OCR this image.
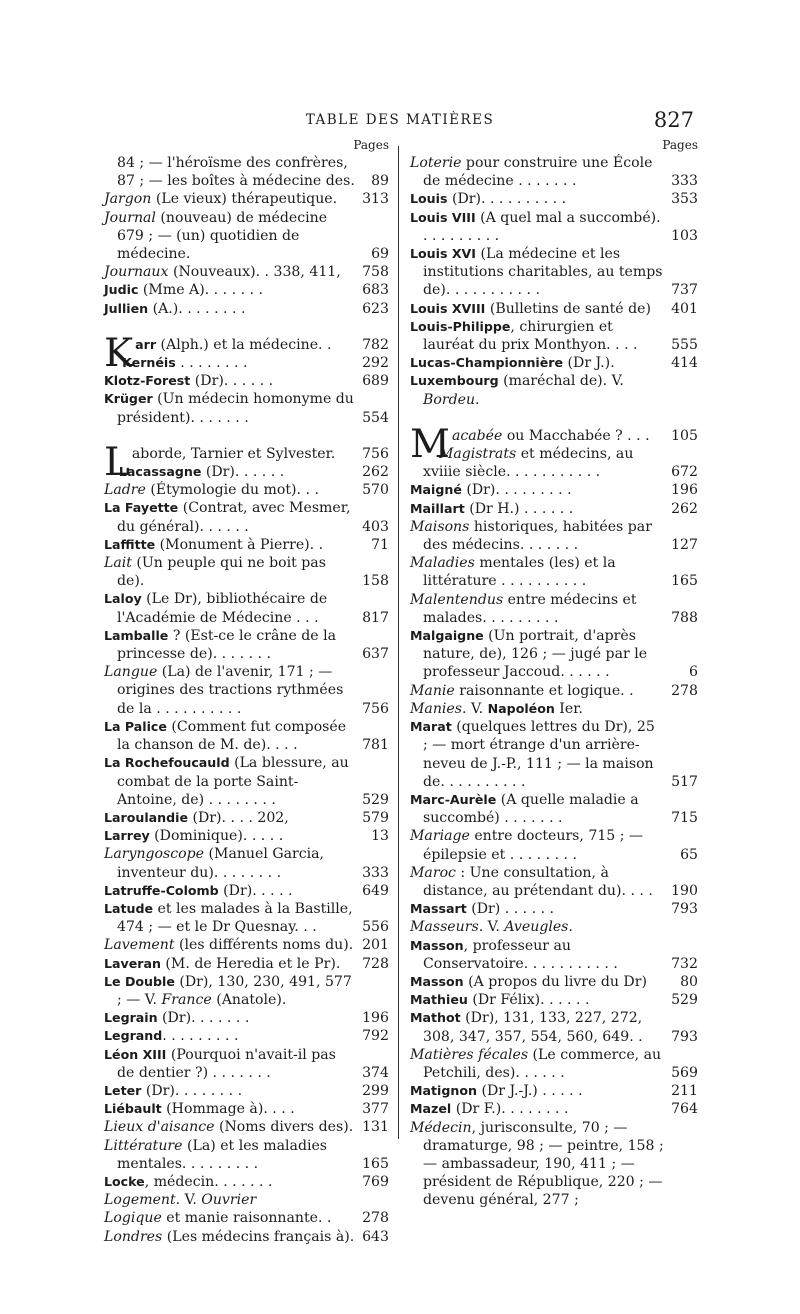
TABLE DES MATIÈRES	827
Pages
84 ; — l'héroïsme des confrères,
87 ; — les boîtes à médecine des.	89
Jargon (Le vieux) thérapeutique.	313
Journal (nouveau) de médecine 679 ; — (un) quotidien de médecine.	69
Journaux (Nouveaux). . 338, 411,	758
Judic (Mme A). . . . . . .	683
Jullien (A.). . . . . . . .	623
Karr (Alph.) et la médecine. .	782
Kernéis . . . . . . . .	292
Klotz-Forest (Dr). . . . . .	689
Krüger (Un médecin homonyme du président). . . . . . .	554
Laborde, Tarnier et Sylvester.	756
Lacassagne (Dr). . . . . .	262
Ladre (Étymologie du mot). . .	570
La Fayette (Contrat, avec Mesmer, du général). . . . . .	403
Laffitte (Monument à Pierre). .	71
Lait (Un peuple qui ne boit pas de).	158
Laloy (Le Dr), bibliothécaire de l'Académie de Médecine . . .	817
Lamballe ? (Est-ce le crâne de la princesse de). . . . . . .	637
Langue (La) de l'avenir, 171 ; — origines des tractions rythmées de la . . . . . . . . . .	756
La Palice (Comment fut composée la chanson de M. de). . . .	781
La Rochefoucauld (La blessure, au combat de la porte Saint-Antoine, de) . . . . . . . .	529
Laroulandie (Dr). . . . 202,	579
Larrey (Dominique). . . . .	13
Laryngoscope (Manuel Garcia, inventeur du). . . . . . . .	333
Latruffe-Colomb (Dr). . . . .	649
Latude et les malades à la Bastille, 474 ; — et le Dr Quesnay. . .	556
Lavement (les différents noms du). 201
Laveran (M. de Heredia et le Pr).	728
Le Double (Dr), 130, 230, 491, 577 ; — V. France (Anatole).
Legrain (Dr). . . . . . .	196
Legrand. . . . . . . . .	792
Léon XIII (Pourquoi n'avait-il pas de dentier ?) . . . . . . .	374
Leter (Dr). . . . . . . .	299
Liébault (Hommage à). . . .	377
Lieux d'aisance (Noms divers des). 131
Littérature (La) et les maladies mentales. . . . . . . . .	165
Locke, médecin. . . . . . .	769
Logement. V. Ouvrier
Logique et manie raisonnante. .	278
Londres (Les médecins français à). 643
Pages
Loterie pour construire une École de médecine . . . . . . .	333
Louis (Dr). . . . . . . . . .	353
Louis VIII (A quel mal a succombé). . . . . . . . . .	103
Louis XVI (La médecine et les institutions charitables, au temps de). . . . . . . . . . .	737
Louis XVIII (Bulletins de santé de)	401
Louis-Philippe, chirurgien et lauréat du prix Monthyon. . . .	555
Lucas-Championnière (Dr J.).	414
Luxembourg (maréchal de). V. Bordeu.
Macabée ou Macchabée ? . . .	105
Magistrats et médecins, au xviiie siècle. . . . . . . . . . .	672
Maigné (Dr). . . . . . . . .	196
Maillart (Dr H.) . . . . . .	262
Maisons historiques, habitées par des médecins. . . . . . .	127
Maladies mentales (les) et la littérature . . . . . . . . . .	165
Malentendus entre médecins et malades. . . . . . . . .	788
Malgaigne (Un portrait, d'après nature, de), 126 ; — jugé par le professeur Jaccoud. . . . . .	6
Manie raisonnante et logique. .	278
Manies. V. Napoléon Ier.
Marat (quelques lettres du Dr), 25 ; — mort étrange d'un arrière-neveu de J.-P., 111 ; — la maison de. . . . . . . . . .	517
Marc-Aurèle (A quelle maladie a succombé) . . . . . . .	715
Mariage entre docteurs, 715 ; — épilepsie et . . . . . . . .	65
Maroc : Une consultation, à distance, au prétendant du). . . .	190
Massart (Dr) . . . . . .	793
Masseurs. V. Aveugles.
Masson, professeur au Conservatoire. . . . . . . . . . .	732
Masson (A propos du livre du Dr)	80
Mathieu (Dr Félix). . . . . .	529
Mathot (Dr), 131, 133, 227, 272, 308, 347, 357, 554, 560, 649. .	793
Matières fécales (Le commerce, au Petchili, des). . . . . .	569
Matignon (Dr J.-J.) . . . . .	211
Mazel (Dr F.). . . . . . . .	764
Médecin, jurisconsulte, 70 ; — dramaturge, 98 ; — peintre, 158 ; — ambassadeur, 190, 411 ; — président de République, 220 ; — devenu général, 277 ;
